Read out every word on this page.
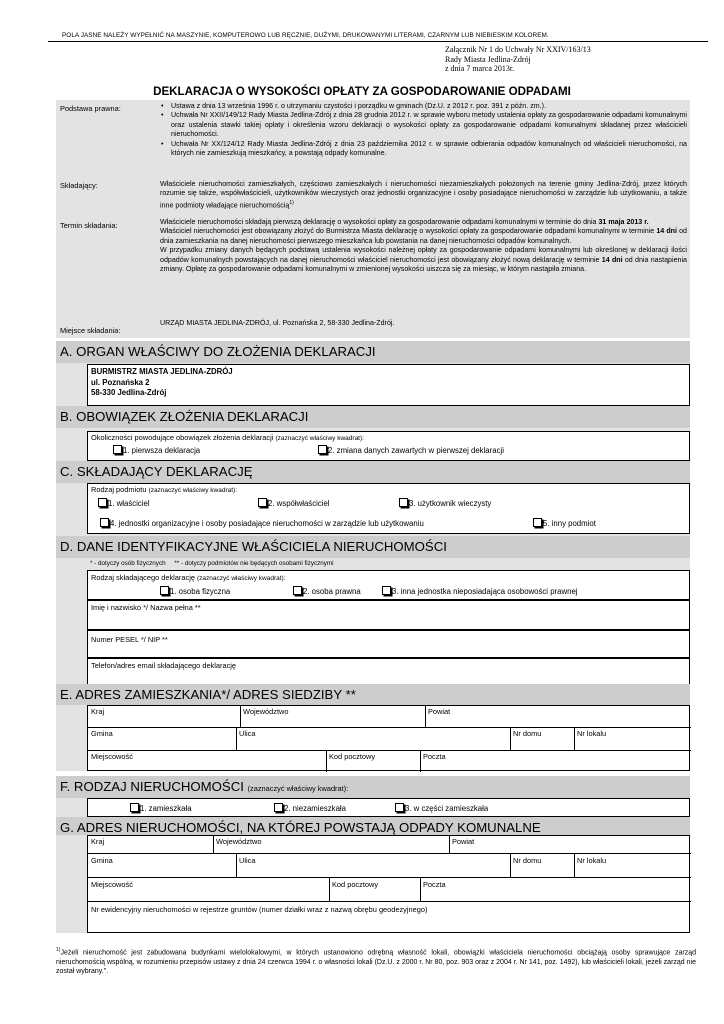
POLA JASNE NALEŻY WYPEŁNIĆ NA MASZYNIE, KOMPUTEROWO LUB RĘCZNIE, DUŻYMI, DRUKOWANYMI LITERAMI, CZARNYM LUB NIEBIESKIM KOLOREM.
Załącznik Nr 1 do Uchwały Nr XXIV/163/13
Rady Miasta Jedlina-Zdrój
z dnia 7 marca 2013r.
DEKLARACJA O WYSOKOŚCI OPŁATY ZA GOSPODAROWANIE ODPADAMI
Podstawa prawna:
•	Ustawa z dnia 13 września 1996 r. o utrzymaniu czystości i porządku w gminach (Dz.U. z 2012 r. poz. 391 z późn. zm.).
• Uchwała Nr XXII/149/12 Rady Miasta Jedlina-Zdrój z dnia 28 grudnia 2012 r. w sprawie wyboru metody ustalenia opłaty za gospodarowanie odpadami komunalnymi oraz ustalenia stawki takiej opłaty i określenia wzoru deklaracji o wysokości opłaty za gospodarowanie odpadami komunalnymi składanej przez właścicieli nieruchomości.
• Uchwała Nr XX/124/12 Rady Miasta Jedlina-Zdrój z dnia 23 października 2012 r. w sprawie odbierania odpadów komunalnych od właścicieli nieruchomości, na których nie zamieszkują mieszkańcy, a powstają odpady komunalne.
Składający:	Właściciele nieruchomości zamieszkałych, częściowo zamieszkałych i nieruchomości niezamieszkałych położonych na terenie gminy Jedlina-Zdrój, przez których rozumie się także, współwłaścicieli, użytkowników wieczystych oraz jednostki organizacyjne i osoby posiadające nieruchomości w zarządzie lub użytkowaniu, a także inne podmioty władające nieruchomością$^{1)}$
Termin składania:	Właściciele nieruchomości składają pierwszą deklarację o wysokości opłaty za gospodarowanie odpadami komunalnymi w terminie do dnia 31 maja 2013 r.
Właściciel nieruchomości jest obowiązany złożyć do Burmistrza Miasta deklarację o wysokości opłaty za gospodarowanie odpadami komunalnymi w terminie 14 dni od dnia zamieszkania na danej nieruchomości pierwszego mieszkańca lub powstania na danej nieruchomości odpadów komunalnych.
W przypadku zmiany danych będących podstawą ustalenia wysokości należnej opłaty za gospodarowanie odpadami komunalnymi lub określonej w deklaracji ilości odpadów komunalnych powstających na danej nieruchomości właściciel nieruchomości jest obowiązany złożyć nową deklarację w terminie 14 dni od dnia nastąpienia zmiany. Opłatę za gospodarowanie odpadami komunalnymi w zmienionej wysokości uiszcza się za miesiąc, w którym nastąpiła zmiana.
Miejsce składania:
URZĄD MIASTA JEDLINA-ZDRÓJ, ul. Poznańska 2, 58-330 Jedlina-Zdrój.
A. ORGAN WŁAŚCIWY DO ZŁOŻENIA DEKLARACJI
BURMISTRZ MIASTA JEDLINA-ZDRÓJ
ul. Poznańska 2
58-330 Jedlina-Zdrój
B. OBOWIĄZEK ZŁOŻENIA DEKLARACJI
Okoliczności powodujące obowiązek złożenia deklaracji (zaznaczyć właściwy kwadrat):
1. pierwsza deklaracja	2. zmiana danych zawartych w pierwszej deklaracji
C. SKŁADAJĄCY DEKLARACJĘ
Rodzaj podmiotu (zaznaczyć właściwy kwadrat):
1. właściciel	2. współwłaściciel	3. użytkownik wieczysty
4. jednostki organizacyjne i osoby posiadające nieruchomości w zarządzie lub użytkowaniu	5. inny podmiot
D. DANE IDENTYFIKACYJNE WŁAŚCICIELA NIERUCHOMOŚCI
* - dotyczy osób fizycznych     ** - dotyczy podmiotów nie będących osobami fizycznymi
Rodzaj składającego deklarację (zaznaczyć właściwy kwadrat):
1. osoba fizyczna	2. osoba prawna	3. inna jednostka nieposiadająca osobowości prawnej
Imię i nazwisko */ Nazwa pełna **
Numer PESEL */ NIP **
Telefon/adres email składającego deklarację
E. ADRES ZAMIESZKANIA*/ ADRES SIEDZIBY **
Kraj	Województwo	Powiat
Gmina	Ulica	Nr domu	Nr lokalu
Miejscowość	Kod pocztowy	Poczta
F. RODZAJ NIERUCHOMOŚCI (zaznaczyć właściwy kwadrat):
1. zamieszkała	2. niezamieszkała	3. w części zamieszkała
G. ADRES NIERUCHOMOŚCI, NA KTÓREJ POWSTAJĄ ODPADY KOMUNALNE
Kraj	Województwo	Powiat
Gmina	Ulica	Nr domu	Nr lokalu
Miejscowość	Kod pocztowy	Poczta
Nr ewidencyjny nieruchomości w rejestrze gruntów (numer działki wraz z nazwą obrębu geodezyjnego)
$^{1)}$Jeżeli nieruchomość jest zabudowana budynkami wielolokalowymi, w których ustanowiono odrębną własność lokali, obowiązki właściciela nieruchomości obciążają osoby sprawujące zarząd nieruchomością wspólną, w rozumieniu przepisów ustawy z dnia 24 czerwca 1994 r. o własności lokali (Dz.U. z 2000 r. Nr 80, poz. 903 oraz z 2004 r. Nr 141, poz. 1492), lub właścicieli lokali, jeżeli zarząd nie został wybrany.".
